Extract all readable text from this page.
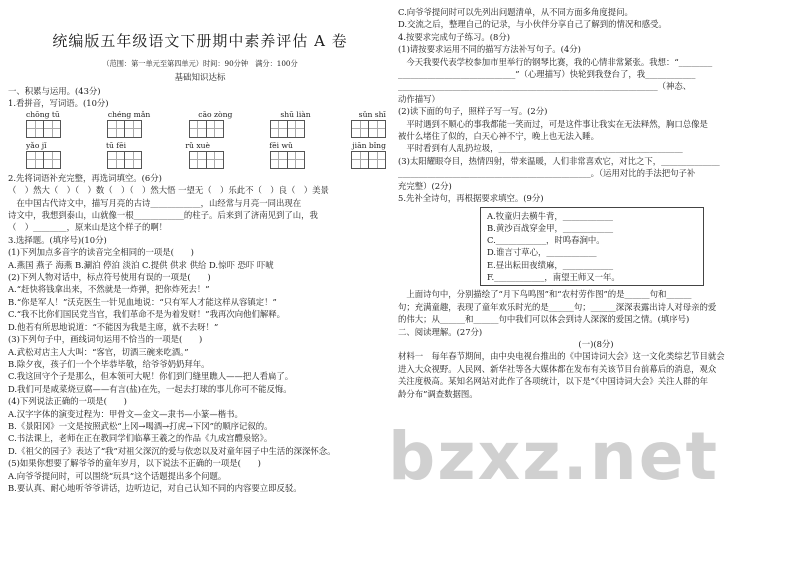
统编版五年级语文下册期中素养评估 A 卷
（范围：第一单元至第四单元）时间：90分钟　满分：100分
基础知识达标
一、积累与运用。(43分)
1.看拼音，写词语。(10分)
chōng tū	chéng mǎn	cāo zòng	shū liàn	sǔn shī
yǎo jǐ	tū fēi	rǔ xuè	fēi wǔ	jiān bǐng
2.先将词语补充完整，再选词填空。(6分)
（　）然大（　）（　）数（　）（　）然大悟 一望无（　）乐此不（　）良（　）美景
　在中国古代诗文中，描写月亮的古诗____________，山经常与月亮一同出现在
诗文中，我想到泰山，山就像一根____________的柱子。后来到了济南见到了山，我
（　）________，原来山是这个样子的啊！
3.选择题。(填序号)(10分)
(1)下列加点多音字的读音完全相同的一项是(　　)
A.燕国 燕子 海燕 B.涮泊 停泊 淡泊 C.提供 供求 供给 D.惊吓 恐吓 吓唬
(2)下列人物对话中，标点符号使用有误的一项是(　　)
A.“赶快将钱拿出来，不然就是一炸弹，把你炸死去！”
B.“你是军人！”沃克医生一针见血地说：“只有军人才能这样从容镇定！”
C.“我不比你们国民党当官，我们革命不是为着发财！”我再次向他们解释。
D.他若有所思地说道：“不能因为我是主席，就不去呀！”
(3)下列句子中，画线词句运用不恰当的一项是(　　)
A.武松对店主人大叫：“客官，切酒三碗来吃酒。”
B.除夕夜，孩子们一个个毕恭毕敬，给爷爷奶奶拜年。
C.我这回守个子是那么，但本领可大呢！你们到门缝里瞧人——把人看扁了。
D.我们可是咸菜烧豆腐——有言(盐)在先，一起去打球的事儿你可不能反悔。
(4)下列说法正确的一项是(　　)
A.汉字字体的演变过程为：甲骨文—金文—隶书—小篆—楷书。
B.《景阳冈》一文是按照武松“上冈→喝酒→打虎→下冈”的顺序记叙的。
C.书法课上，老师在正在教同学们临摹王羲之的作品《九成宫醴泉铭》。
D.《祖父的园子》表达了“我”对祖父深沉的爱与依恋以及对童年园子中生活的深深怀念。
(5)如果你想要了解爷爷的童年岁月，以下说法不正确的一项是(　　)
A.向爷爷提问时，可以围绕“玩具”这个话题提出多个问题。
B.要认真、耐心地听爷爷讲话，边听边记，对自己认知不同的内容要立即反驳。
C.向爷爷提问时可以先列出问题清单，从不同方面多角度提问。
D.交流之后，整理自己的记录，与小伙伴分享自己了解到的情况和感受。
4.按要求完成句子练习。(8分)
(1)请按要求运用不同的描写方法补写句子。(4分)
　今天我要代表学校参加市里举行的钢琴比赛，我的心情非常紧张。我想：“________
____________________________”（心理描写）快轮到我登台了，我____________
______________________________________________________________（神态、
动作描写）
(2)读下面的句子，照样子写一写。(2分)
　平时遇到不顺心的事我都能一笑而过，可是这件事让我实在无法释然，胸口总像是
被什么堵住了似的，白天心神不宁，晚上也无法入睡。
　平时看到有人乱扔垃圾，____________________________________________
(3)太阳耀眼夺目，热情四射，带来温暖，人们非常喜欢它，对比之下，______________
______________________________________________。（运用对比的手法把句子补
充完整）(2分)
5.先补全诗句，再根据要求填空。(9分)
A.牧童归去横牛背，____________
B.黄沙百战穿金甲，____________
C.____________，时鸣春涧中。
D.谁言寸草心，____________
E.昼出耘田夜绩麻，____________
F.____________，南望王师又一年。
　上面诗句中，分别描绘了“月下鸟鸣图”和“农村劳作图”的是______句和______
句；充满童趣，表现了童年欢乐时光的是______句；______深深表露出诗人对母亲的爱
的伟大；从______和______句中我们可以体会到诗人深深的爱国之情。(填序号)
二、阅读理解。(27分)
(一)(8分)
材料一　每年春节期间，由中央电视台推出的《中国诗词大会》这一文化类综艺节目就会
进入大众视野。人民网、新华社等各大媒体都在发布有关该节目台前幕后的消息，观众
关注度极高。某知名网站对此作了各项统计，以下是“《中国诗词大会》关注人群的年
龄分布”调查数据图。
bzxz.net
